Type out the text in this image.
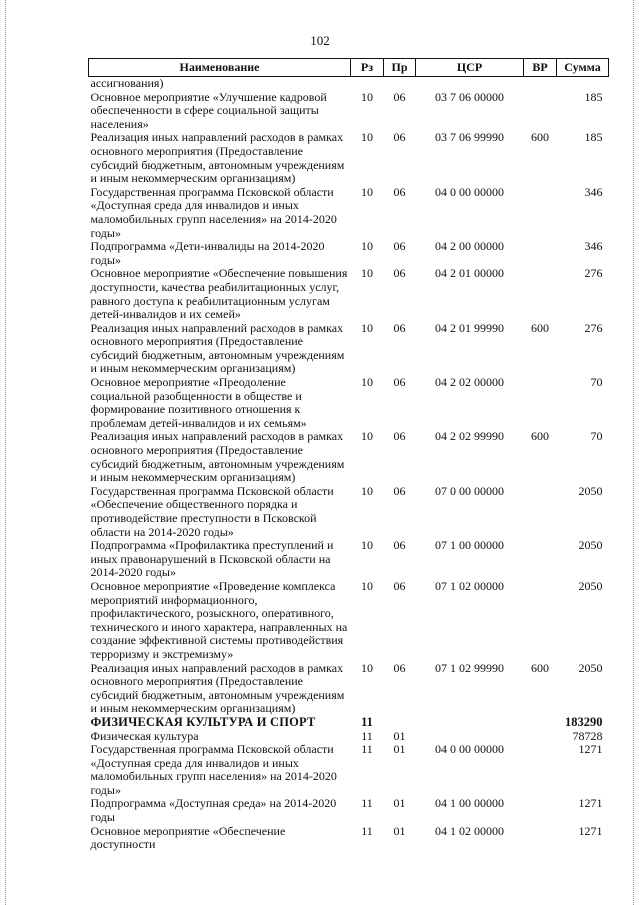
102
Наименование	Рз	Пр	ЦСР	ВР	Сумма
ассигнования)					
Основное мероприятие «Улучшение кадровой обеспеченности в сфере социальной защиты населения»	10	06	03 7 06 00000		185
Реализация иных направлений расходов в рамках основного мероприятия (Предоставление субсидий бюджетным, автономным учреждениям и иным некоммерческим организациям)	10	06	03 7 06 99990	600	185
Государственная программа Псковской области «Доступная среда для инвалидов и иных маломобильных групп населения» на 2014-2020 годы»	10	06	04 0 00 00000		346
Подпрограмма «Дети-инвалиды на 2014-2020 годы»	10	06	04 2 00 00000		346
Основное мероприятие «Обеспечение повышения доступности, качества реабилитационных услуг, равного доступа к реабилитационным услугам детей-инвалидов и их семей»	10	06	04 2 01 00000		276
Реализация иных направлений расходов в рамках основного мероприятия (Предоставление субсидий бюджетным, автономным учреждениям и иным некоммерческим организациям)	10	06	04 2 01 99990	600	276
Основное мероприятие «Преодоление социальной разобщенности в обществе и формирование позитивного отношения к проблемам детей-инвалидов и их семьям»	10	06	04 2 02 00000		70
Реализация иных направлений расходов в рамках основного мероприятия (Предоставление субсидий бюджетным, автономным учреждениям и иным некоммерческим организациям)	10	06	04 2 02 99990	600	70
Государственная программа Псковской области «Обеспечение общественного порядка и противодействие преступности в Псковской области на 2014-2020 годы»	10	06	07 0 00 00000		2050
Подпрограмма «Профилактика преступлений и иных правонарушений в Псковской области на 2014-2020 годы»	10	06	07 1 00 00000		2050
Основное мероприятие «Проведение комплекса мероприятий информационного, профилактического, розыскного, оперативного, технического и иного характера, направленных на создание эффективной системы противодействия терроризму и экстремизму»	10	06	07 1 02 00000		2050
Реализация иных направлений расходов в рамках основного мероприятия (Предоставление субсидий бюджетным, автономным учреждениям и иным некоммерческим организациям)	10	06	07 1 02 99990	600	2050
ФИЗИЧЕСКАЯ КУЛЬТУРА И СПОРТ	11				183290
Физическая культура	11	01			78728
Государственная программа Псковской области «Доступная среда для инвалидов и иных маломобильных групп населения» на 2014-2020 годы»	11	01	04 0 00 00000		1271
Подпрограмма «Доступная среда» на 2014-2020 годы	11	01	04 1 00 00000		1271
Основное мероприятие «Обеспечение доступности	11	01	04 1 02 00000		1271
